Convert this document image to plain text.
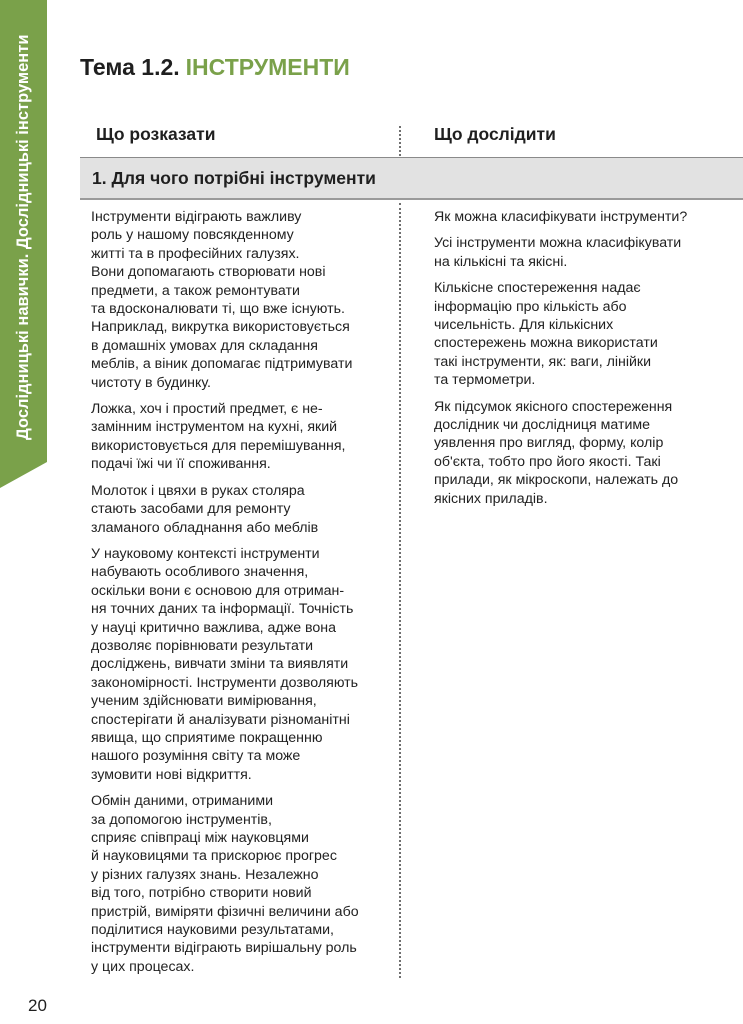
Дослідницькі навички. Дослідницькі інструменти	Тема 1.2. ІНСТРУМЕНТИ
Що розказати	Що дослідити
1. Для чого потрібні інструменти

Інструменти відіграють важливу
роль у нашому повсякденному
житті та в професійних галузях.
Вони допомагають створювати нові
предмети, а також ремонтувати
та вдосконалювати ті, що вже існують.
Наприклад, викрутка використовується
в домашніх умовах для складання
меблів, а віник допомагає підтримувати
чистоту в будинку.

Ложка, хоч і простий предмет, є не-
замінним інструментом на кухні, який
використовується для перемішування,
подачі їжі чи її споживання.

Молоток і цвяхи в руках столяра
стають засобами для ремонту
зламаного обладнання або меблів

У науковому контексті інструменти
набувають особливого значення,
оскільки вони є основою для отриман-
ня точних даних та інформації. Точність
у науці критично важлива, адже вона
дозволяє порівнювати результати
досліджень, вивчати зміни та виявляти
закономірності. Інструменти дозволяють
ученим здійснювати вимірювання,
спостерігати й аналізувати різноманітні
явища, що сприятиме покращенню
нашого розуміння світу та може
зумовити нові відкриття.

Обмін даними, отриманими
за допомогою інструментів,
сприяє співпраці між науковцями
й науковицями та прискорює прогрес
у різних галузях знань. Незалежно
від того, потрібно створити новий
пристрій, виміряти фізичні величини або
поділитися науковими результатами,
інструменти відіграють вирішальну роль
у цих процесах.

Як можна класифікувати інструменти?

Усі інструменти можна класифікувати
на кількісні та якісні.

Кількісне спостереження надає
інформацію про кількість або
чисельність. Для кількісних
спостережень можна використати
такі інструменти, як: ваги, лінійки
та термометри.

Як підсумок якісного спостереження
дослідник чи дослідниця матиме
уявлення про вигляд, форму, колір
об'єкта, тобто про його якості. Такі
прилади, як мікроскопи, належать до
якісних приладів.

20
